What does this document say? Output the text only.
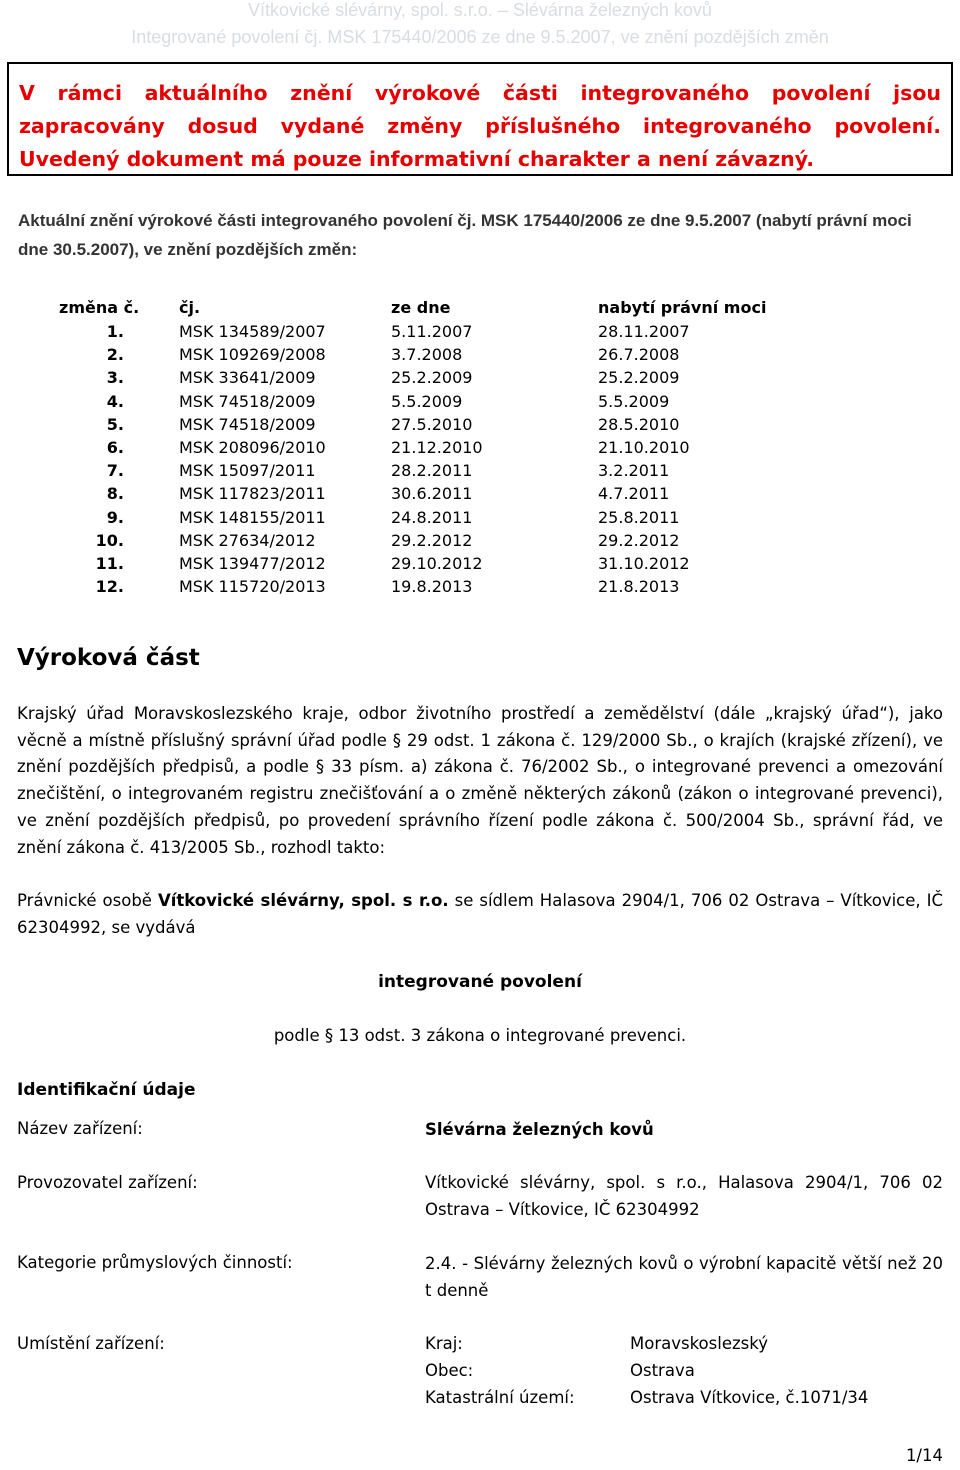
Vítkovické slévárny, spol. s.r.o. – Slévárna železných kovů
Integrované povolení čj. MSK 175440/2006 ze dne 9.5.2007, ve znění pozdějších změn
V rámci aktuálního znění výrokové části integrovaného povolení jsou zapracovány dosud vydané změny příslušného integrovaného povolení. Uvedený dokument má pouze informativní charakter a není závazný.
Aktuální znění výrokové části integrovaného povolení čj. MSK 175440/2006 ze dne 9.5.2007 (nabytí právní moci dne 30.5.2007), ve znění pozdějších změn:
změna č.	čj.	ze dne	nabytí právní moci
1.	MSK 134589/2007	5.11.2007	28.11.2007
2.	MSK 109269/2008	3.7.2008	26.7.2008
3.	MSK 33641/2009	25.2.2009	25.2.2009
4.	MSK 74518/2009	5.5.2009	5.5.2009
5.	MSK 74518/2009	27.5.2010	28.5.2010
6.	MSK 208096/2010	21.12.2010	21.10.2010
7.	MSK 15097/2011	28.2.2011	3.2.2011
8.	MSK 117823/2011	30.6.2011	4.7.2011
9.	MSK 148155/2011	24.8.2011	25.8.2011
10.	MSK 27634/2012	29.2.2012	29.2.2012
11.	MSK 139477/2012	29.10.2012	31.10.2012
12.	MSK 115720/2013	19.8.2013	21.8.2013
Výroková část
Krajský úřad Moravskoslezského kraje, odbor životního prostředí a zemědělství (dále „krajský úřad“), jako věcně a místně příslušný správní úřad podle § 29 odst. 1 zákona č. 129/2000 Sb., o krajích (krajské zřízení), ve znění pozdějších předpisů, a podle § 33 písm. a) zákona č. 76/2002 Sb., o integrované prevenci a omezování znečištění, o integrovaném registru znečišťování a o změně některých zákonů (zákon o integrované prevenci), ve znění pozdějších předpisů, po provedení správního řízení podle zákona č. 500/2004 Sb., správní řád, ve znění zákona č. 413/2005 Sb., rozhodl takto:
Právnické osobě Vítkovické slévárny, spol. s r.o. se sídlem Halasova 2904/1, 706 02 Ostrava – Vítkovice, IČ 62304992, se vydává
integrované povolení
podle § 13 odst. 3 zákona o integrované prevenci.
Identifikační údaje
Název zařízení:	Slévárna železných kovů
Provozovatel zařízení:	Vítkovické slévárny, spol. s r.o., Halasova 2904/1, 706 02 Ostrava – Vítkovice, IČ 62304992
Kategorie průmyslových činností:	2.4. - Slévárny železných kovů o výrobní kapacitě větší než 20 t denně
Umístění zařízení:	Kraj:	Moravskoslezský
Obec:	Ostrava
Katastrální území:	Ostrava Vítkovice, č.1071/34
1/14
